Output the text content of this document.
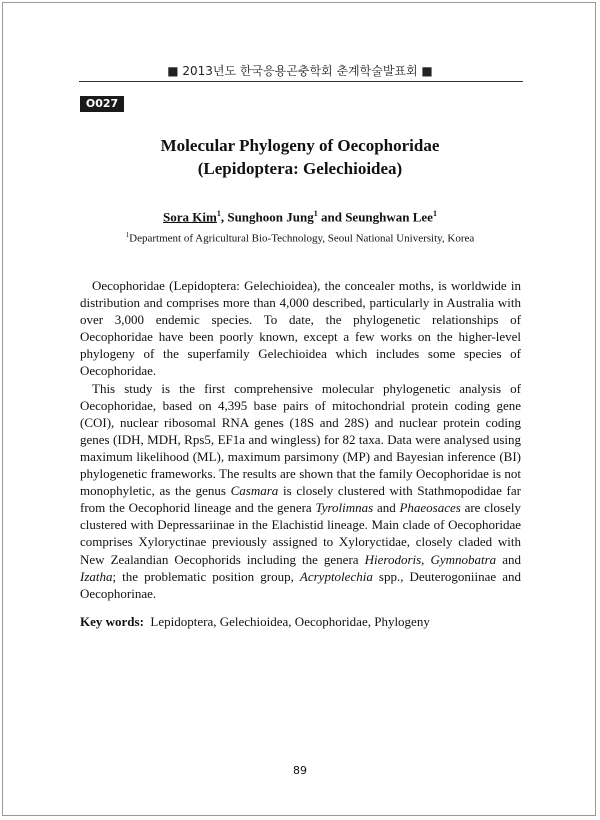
■ 2013년도 한국응용곤충학회 춘계학술발표회 ■
O027
Molecular Phylogeny of Oecophoridae
(Lepidoptera: Gelechioidea)
Sora Kim$^1$, Sunghoon Jung$^1$ and Seunghwan Lee$^1$
$^1$Department of Agricultural Bio-Technology, Seoul National University, Korea

Oecophoridae (Lepidoptera: Gelechioidea), the concealer moths, is worldwide in distribution and comprises more than 4,000 described, particularly in Australia with over 3,000 endemic species. To date, the phylogenetic relationships of Oecophoridae have been poorly known, except a few works on the higher-level phylogeny of the superfamily Gelechioidea which includes some species of Oecophoridae.

This study is the first comprehensive molecular phylogenetic analysis of Oecophoridae, based on 4,395 base pairs of mitochondrial protein coding gene (COI), nuclear ribosomal RNA genes (18S and 28S) and nuclear protein coding genes (IDH, MDH, Rps5, EF1a and wingless) for 82 taxa. Data were analysed using maximum likelihood (ML), maximum parsimony (MP) and Bayesian inference (BI) phylogenetic frameworks. The results are shown that the family Oecophoridae is not monophyletic, as the genus Casmara is closely clustered with Stathmopodidae far from the Oecophorid lineage and the genera Tyrolimnas and Phaeosaces are closely clustered with Depressariinae in the Elachistid lineage. Main clade of Oecophoridae comprises Xyloryctinae previously assigned to Xyloryctidae, closely claded with New Zealandian Oecophorids including the genera Hierodoris, Gymnobatra and Izatha; the problematic position group, Acryptolechia spp., Deuterogoniinae and Oecophorinae.

Key words: Lepidoptera, Gelechioidea, Oecophoridae, Phylogeny
89
